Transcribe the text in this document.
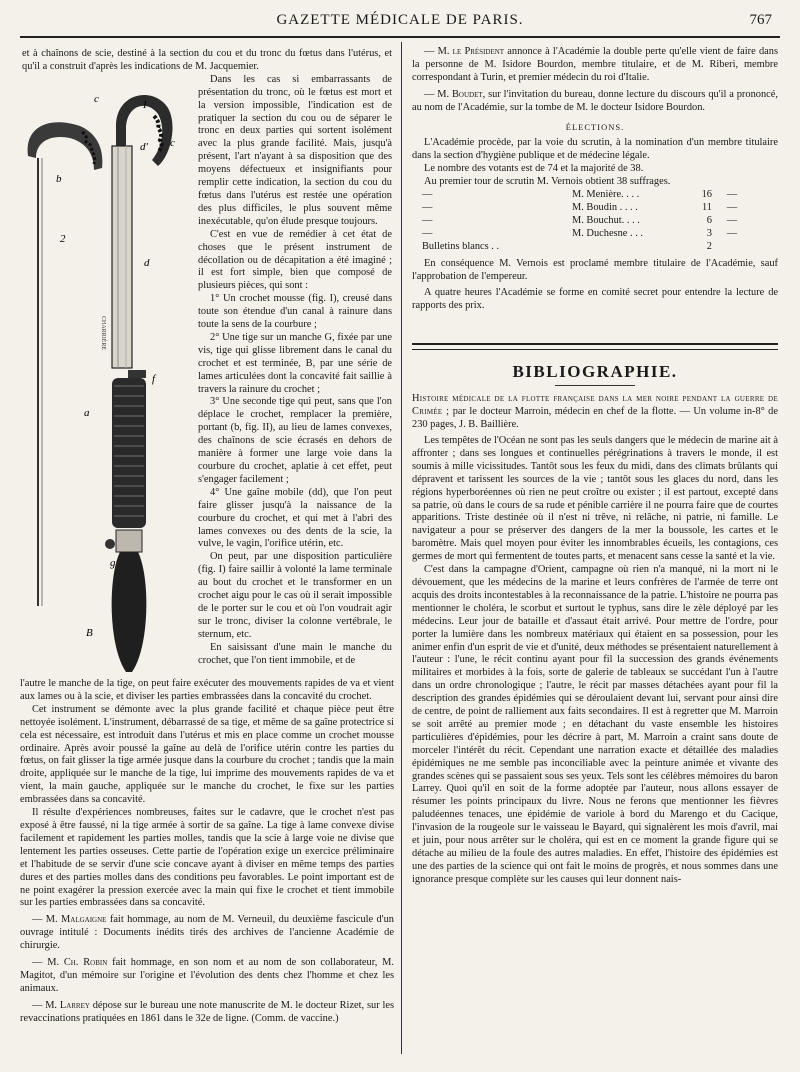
GAZETTE MÉDICALE DE PARIS.	767

et à chaînons de scie, destiné à la section du cou et du tronc du fœtus dans l'utérus, et qu'il a construit d'après les indications de M. Jacquemier.

Dans les cas si embarrassants de présentation du tronc, où le fœtus est mort et la version impossible, l'indication est de pratiquer la section du cou ou de séparer le tronc en deux parties qui sortent isolément avec la plus grande facilité. Mais, jusqu'à présent, l'art n'ayant à sa disposition que des moyens défectueux et insignifiants pour remplir cette indication, la section du cou du fœtus dans l'utérus est restée une opération des plus difficiles, le plus souvent même inexécutable, qu'on élude presque toujours.

C'est en vue de remédier à cet état de choses que le présent instrument de décollation ou de décapitation a été imaginé ; il est fort simple, bien que composé de plusieurs pièces, qui sont :

1° Un crochet mousse (fig. I), creusé dans toute son étendue d'un canal à rainure dans toute la sens de la courbure ;

2° Une tige sur un manche G, fixée par une vis, tige qui glisse librement dans le canal du crochet et est terminée, B, par une série de lames articulées dont la concavité fait saillie à travers la rainure du crochet ;

3° Une seconde tige qui peut, sans que l'on déplace le crochet, remplacer la première, portant (b, fig. II), au lieu de lames convexes, des chaînons de scie écrasés en dehors de manière à former une large voie dans la courbure du crochet, aplatie à cet effet, peut s'engager facilement ;

4° Une gaîne mobile (dd), que l'on peut faire glisser jusqu'à la naissance de la courbure du crochet, et qui met à l'abri des lames convexes ou des dents de la scie, la vulve, le vagin, l'orifice utérin, etc.

On peut, par une disposition particulière (fig. I) faire saillir à volonté la lame terminale au bout du crochet et le transformer en un crochet aigu pour le cas où il serait impossible de le porter sur le cou et où l'on voudrait agir sur le tronc, diviser la colonne vertébrale, le sternum, etc.

En saisissant d'une main le manche du crochet, que l'on tient immobile, et de

c	1
c
b
d'
2
d
f
a
g
B
CHARRIÈRE

l'autre le manche de la tige, on peut faire exécuter des mouvements rapides de va et vient aux lames ou à la scie, et diviser les parties embrassées dans la concavité du crochet.

Cet instrument se démonte avec la plus grande facilité et chaque pièce peut être nettoyée isolément. L'instrument, débarrassé de sa tige, et même de sa gaîne protectrice si cela est nécessaire, est introduit dans l'utérus et mis en place comme un crochet mousse ordinaire. Après avoir poussé la gaîne au delà de l'orifice utérin contre les parties du fœtus, on fait glisser la tige armée jusque dans la courbure du crochet ; tandis que la main droite, appliquée sur le manche de la tige, lui imprime des mouvements rapides de va et vient, la main gauche, appliquée sur le manche du crochet, le fixe sur les parties embrassées dans sa concavité.

Il résulte d'expériences nombreuses, faites sur le cadavre, que le crochet n'est pas exposé à être faussé, ni la tige armée à sortir de sa gaîne. La tige à lame convexe divise facilement et rapidement les parties molles, tandis que la scie à large voie ne divise que lentement les parties osseuses. Cette partie de l'opération exige un exercice préliminaire et l'habitude de se servir d'une scie concave ayant à diviser en même temps des parties dures et des parties molles dans des conditions peu favorables. Le point important est de ne point exagérer la pression exercée avec la main qui fixe le crochet et tient immobile sur les parties embrassées dans sa concavité.

— M. Malgaigne fait hommage, au nom de M. Verneuil, du deuxième fascicule d'un ouvrage intitulé : Documents inédits tirés des archives de l'ancienne Académie de chirurgie.

— M. Ch. Robin fait hommage, en son nom et au nom de son collaborateur, M. Magitot, d'un mémoire sur l'origine et l'évolution des dents chez l'homme et chez les animaux.

— M. Larrey dépose sur le bureau une note manuscrite de M. le docteur Rizet, sur les revaccinations pratiquées en 1861 dans le 32e de ligne. (Comm. de vaccine.)

— M. le Président annonce à l'Académie la double perte qu'elle vient de faire dans la personne de M. Isidore Bourdon, membre titulaire, et de M. Riberi, membre correspondant à Turin, et premier médecin du roi d'Italie.

— M. Boudet, sur l'invitation du bureau, donne lecture du discours qu'il a prononcé, au nom de l'Académie, sur la tombe de M. le docteur Isidore Bourdon.

ÉLECTIONS.

L'Académie procède, par la voie du scrutin, à la nomination d'un membre titulaire dans la section d'hygiène publique et de médecine légale.

Le nombre des votants est de 74 et la majorité de 38.

Au premier tour de scrutin M. Vernois obtient 38 suffrages.

—	M. Menière. . . .	16	—
—	M. Boudin . . . .	11	—
—	M. Bouchut. . . .	6	—
—	M. Duchesne . . .	3	—
Bulletins blancs . .	2

En conséquence M. Vernois est proclamé membre titulaire de l'Académie, sauf l'approbation de l'empereur.

A quatre heures l'Académie se forme en comité secret pour entendre la lecture de rapports des prix.

BIBLIOGRAPHIE.

Histoire médicale de la flotte française dans la mer noire pendant la guerre de Crimée ; par le docteur Marroin, médecin en chef de la flotte. — Un volume in-8° de 230 pages, J. B. Baillière.

Les tempêtes de l'Océan ne sont pas les seuls dangers que le médecin de marine ait à affronter ; dans ses longues et continuelles pérégrinations à travers le monde, il est soumis à mille vicissitudes. Tantôt sous les feux du midi, dans des climats brûlants qui dépravent et tarissent les sources de la vie ; tantôt sous les glaces du nord, dans les régions hyperboréennes où rien ne peut croître ou exister ; il est partout, excepté dans sa patrie, où dans le cours de sa rude et pénible carrière il ne pourra faire que de courtes apparitions. Triste destinée où il n'est ni trêve, ni relâche, ni patrie, ni famille. Le navigateur a pour se préserver des dangers de la mer la boussole, les cartes et le baromètre. Mais quel moyen pour éviter les innombrables écueils, les contagions, ces germes de mort qui fermentent de toutes parts, et menacent sans cesse la santé et la vie.

C'est dans la campagne d'Orient, campagne où rien n'a manqué, ni la mort ni le dévouement, que les médecins de la marine et leurs confrères de l'armée de terre ont acquis des droits incontestables à la reconnaissance de la patrie. L'histoire ne pourra pas mentionner le choléra, le scorbut et surtout le typhus, sans dire le zèle déployé par les médecins. Leur jour de bataille et d'assaut était arrivé. Pour mettre de l'ordre, pour porter la lumière dans les nombreux matériaux qui étaient en sa possession, pour les animer enfin d'un esprit de vie et d'unité, deux méthodes se présentaient naturellement à l'auteur : l'une, le récit continu ayant pour fil la succession des grands événements militaires et morbides à la fois, sorte de galerie de tableaux se succédant l'un à l'autre dans un ordre chronologique ; l'autre, le récit par masses détachées ayant pour fil la description des grandes épidémies qui se déroulaient devant lui, servant pour ainsi dire de centre, de point de ralliement aux faits secondaires. Il est à regretter que M. Marroin se soit arrêté au premier mode ; en détachant du vaste ensemble les histoires particulières d'épidémies, pour les décrire à part, M. Marroin a craint sans doute de morceler l'intérêt du récit. Cependant une narration exacte et détaillée des maladies épidémiques ne me semble pas inconciliable avec la peinture animée et vivante des grandes scènes qui se passaient sous ses yeux. Tels sont les célèbres mémoires du baron Larrey. Quoi qu'il en soit de la forme adoptée par l'auteur, nous allons essayer de résumer les points principaux du livre. Nous ne ferons que mentionner les fièvres paludéennes tenaces, une épidémie de variole à bord du Marengo et du Cacique, l'invasion de la rougeole sur le vaisseau le Bayard, qui signalèrent les mois d'avril, mai et juin, pour nous arrêter sur le choléra, qui est en ce moment la grande figure qui se détache au milieu de la foule des autres maladies. En effet, l'histoire des épidémies est une des parties de la science qui ont fait le moins de progrès, et nous sommes dans une ignorance presque complète sur les causes qui leur donnent nais-
